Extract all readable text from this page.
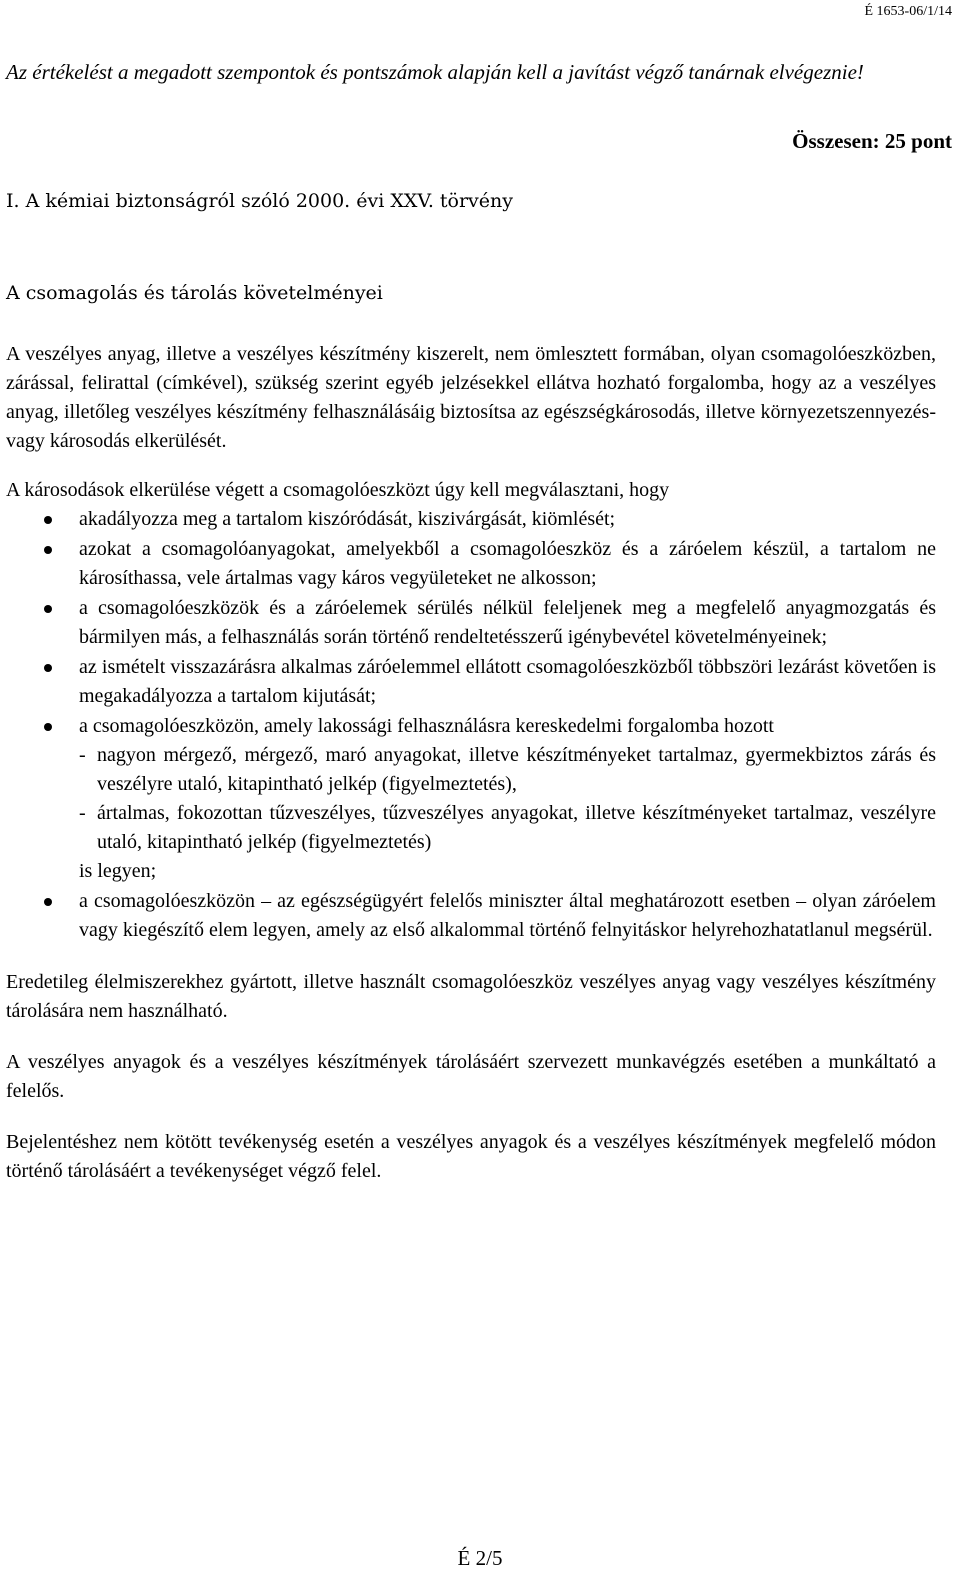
É 1653-06/1/14
Az értékelést a megadott szempontok és pontszámok alapján kell a javítást végző tanárnak elvégeznie!
Összesen: 25 pont
I. A kémiai biztonságról szóló 2000. évi XXV. törvény
A csomagolás és tárolás követelményei

A veszélyes anyag, illetve a veszélyes készítmény kiszerelt, nem ömlesztett formában, olyan csomagolóeszközben, zárással, felirattal (címkével), szükség szerint egyéb jelzésekkel ellátva hozható forgalomba, hogy az a veszélyes anyag, illetőleg veszélyes készítmény felhasználásáig biztosítsa az egészségkárosodás, illetve környezetszennyezés- vagy károsodás elkerülését.

A károsodások elkerülése végett a csomagolóeszközt úgy kell megválasztani, hogy

akadályozza meg a tartalom kiszóródását, kiszivárgását, kiömlését;
azokat a csomagolóanyagokat, amelyekből a csomagolóeszköz és a záróelem készül, a tartalom ne károsíthassa, vele ártalmas vagy káros vegyületeket ne alkosson;
a csomagolóeszközök és a záróelemek sérülés nélkül feleljenek meg a megfelelő anyagmozgatás és bármilyen más, a felhasználás során történő rendeltetésszerű igénybevétel követelményeinek;
az ismételt visszazárásra alkalmas záróelemmel ellátott csomagolóeszközből többszöri lezárást követően is megakadályozza a tartalom kijutását;
a csomagolóeszközön, amely lakossági felhasználásra kereskedelmi forgalomba hozott
- nagyon mérgező, mérgező, maró anyagokat, illetve készítményeket tartalmaz, gyermekbiztos zárás és veszélyre utaló, kitapintható jelkép (figyelmeztetés),
- ártalmas, fokozottan tűzveszélyes, tűzveszélyes anyagokat, illetve készítményeket tartalmaz, veszélyre utaló, kitapintható jelkép (figyelmeztetés)
is legyen;
a csomagolóeszközön – az egészségügyért felelős miniszter által meghatározott esetben – olyan záróelem vagy kiegészítő elem legyen, amely az első alkalommal történő felnyitáskor helyrehozhatatlanul megsérül.

Eredetileg élelmiszerekhez gyártott, illetve használt csomagolóeszköz veszélyes anyag vagy veszélyes készítmény tárolására nem használható.

A veszélyes anyagok és a veszélyes készítmények tárolásáért szervezett munkavégzés esetében a munkáltató a felelős.

Bejelentéshez nem kötött tevékenység esetén a veszélyes anyagok és a veszélyes készítmények megfelelő módon történő tárolásáért a tevékenységet végző felel.

É 2/5
